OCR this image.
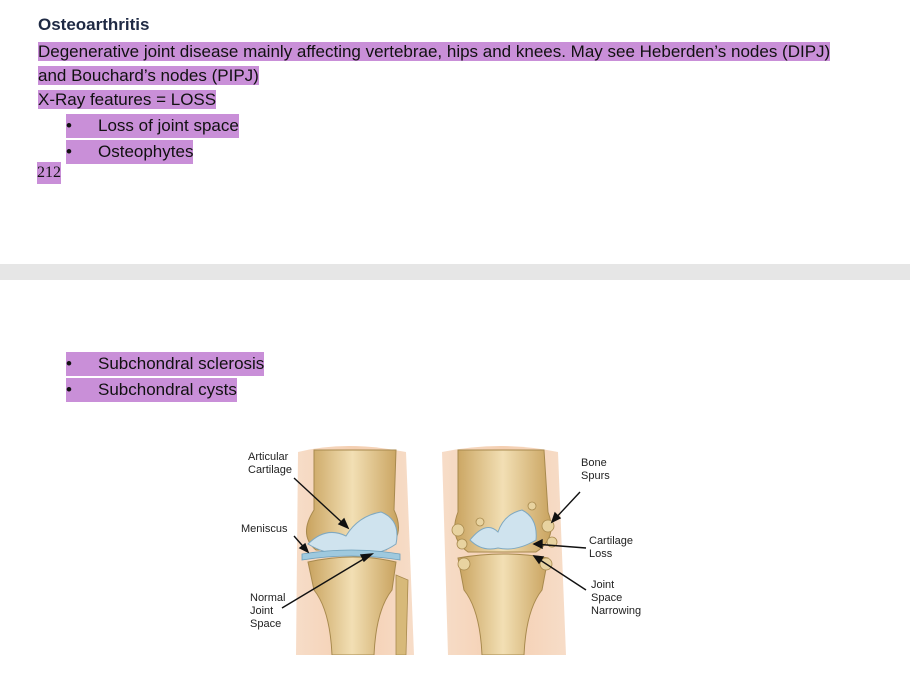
Osteoarthritis
Degenerative joint disease mainly affecting vertebrae, hips and knees. May see Heberden’s nodes (DIPJ) and Bouchard’s nodes (PIPJ)
X-Ray features = LOSS
• Loss of joint space
• Osteophytes
212
• Subchondral sclerosis
• Subchondral cysts
Articular Cartilage
Meniscus
Normal Joint Space
Bone Spurs
Cartilage Loss
Joint Space Narrowing
